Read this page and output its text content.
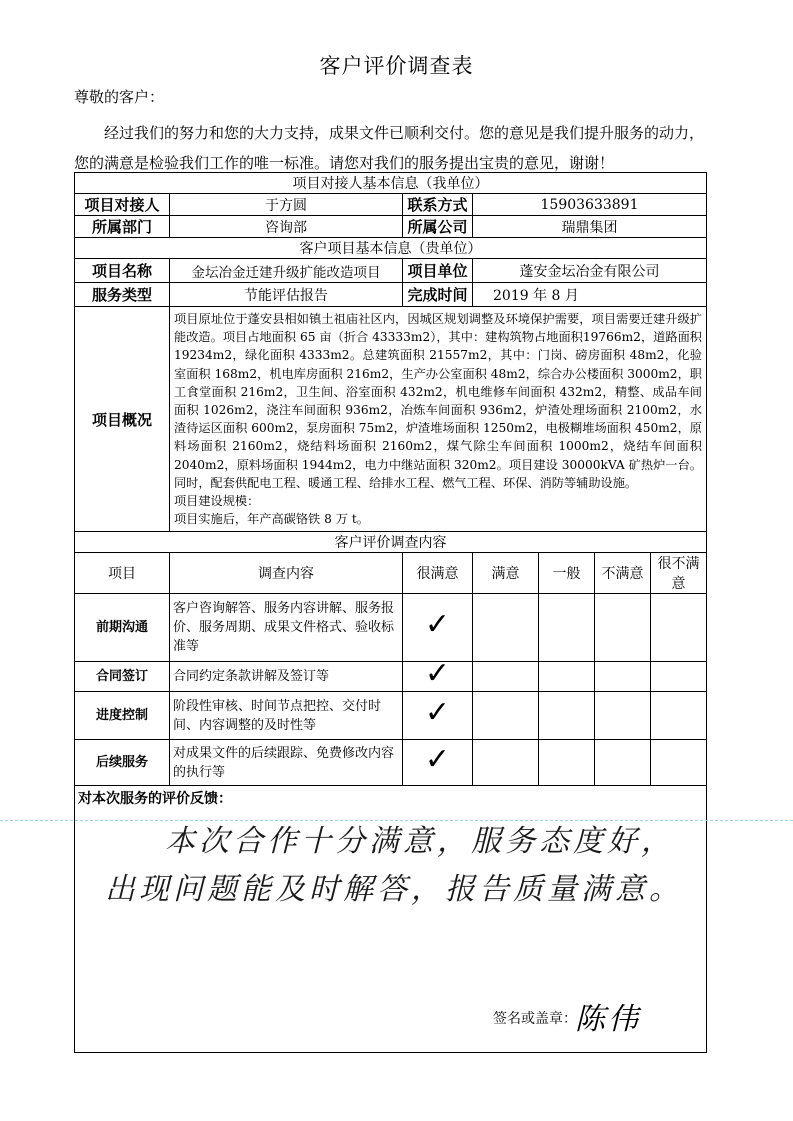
客户评价调查表
尊敬的客户：
经过我们的努力和您的大力支持，成果文件已顺利交付。您的意见是我们提升服务的动力，您的满意是检验我们工作的唯一标准。请您对我们的服务提出宝贵的意见，谢谢！
项目对接人基本信息（我单位）						
项目对接人	于方圆	联系方式	15903633891			
所属部门	咨询部	所属公司	瑞鼎集团			
客户项目基本信息（贵单位）						
项目名称	金坛冶金迁建升级扩能改造项目	项目单位	蓬安金坛冶金有限公司			
服务类型	节能评估报告	完成时间	2019 年 8 月			
项目概况	项目原址位于蓬安县相如镇土祖庙社区内，因城区规划调整及环境保护需要，项目需要迁建升级扩能改造。项目占地面积 65 亩（折合 43333m2），其中：建构筑物占地面积19766m2，道路面积 19234m2，绿化面积 4333m2。总建筑面积 21557m2，其中：门岗、磅房面积 48m2，化验室面积 168m2，机电库房面积 216m2，生产办公室面积 48m2，综合办公楼面积 3000m2，职工食堂面积 216m2，卫生间、浴室面积 432m2，机电维修车间面积 432m2，精整、成品车间面积 1026m2，浇注车间面积 936m2，冶炼车间面积 936m2，炉渣处理场面积 2100m2，水渣待运区面积 600m2，泵房面积 75m2，炉渣堆场面积 1250m2，电极糊堆场面积 450m2，原料场面积 2160m2，烧结料场面积 2160m2，煤气除尘车间面积 1000m2，烧结车间面积 2040m2，原料场面积 1944m2，电力中继站面积 320m2。项目建设 30000kVA 矿热炉一台。同时，配套供配电工程、暖通工程、给排水工程、燃气工程、环保、消防等辅助设施。
项目建设规模：
项目实施后，年产高碳铬铁 8 万 t。					

客户评价调查内容						
项目	调查内容	很满意	满意	一般	不满意	很不满意
前期沟通	客户咨询解答、服务内容讲解、服务报价、服务周期、成果文件格式、验收标准等	✓				
合同签订	合同约定条款讲解及签订等	✓				
进度控制	阶段性审核、时间节点把控、交付时间、内容调整的及时性等	✓				
后续服务	对成果文件的后续跟踪、免费修改内容的执行等	✓				

对本次服务的评价反馈：
本次合作十分满意，服务态度好，
出现问题能及时解答，报告质量满意。
签名或盖章：
陈伟						
